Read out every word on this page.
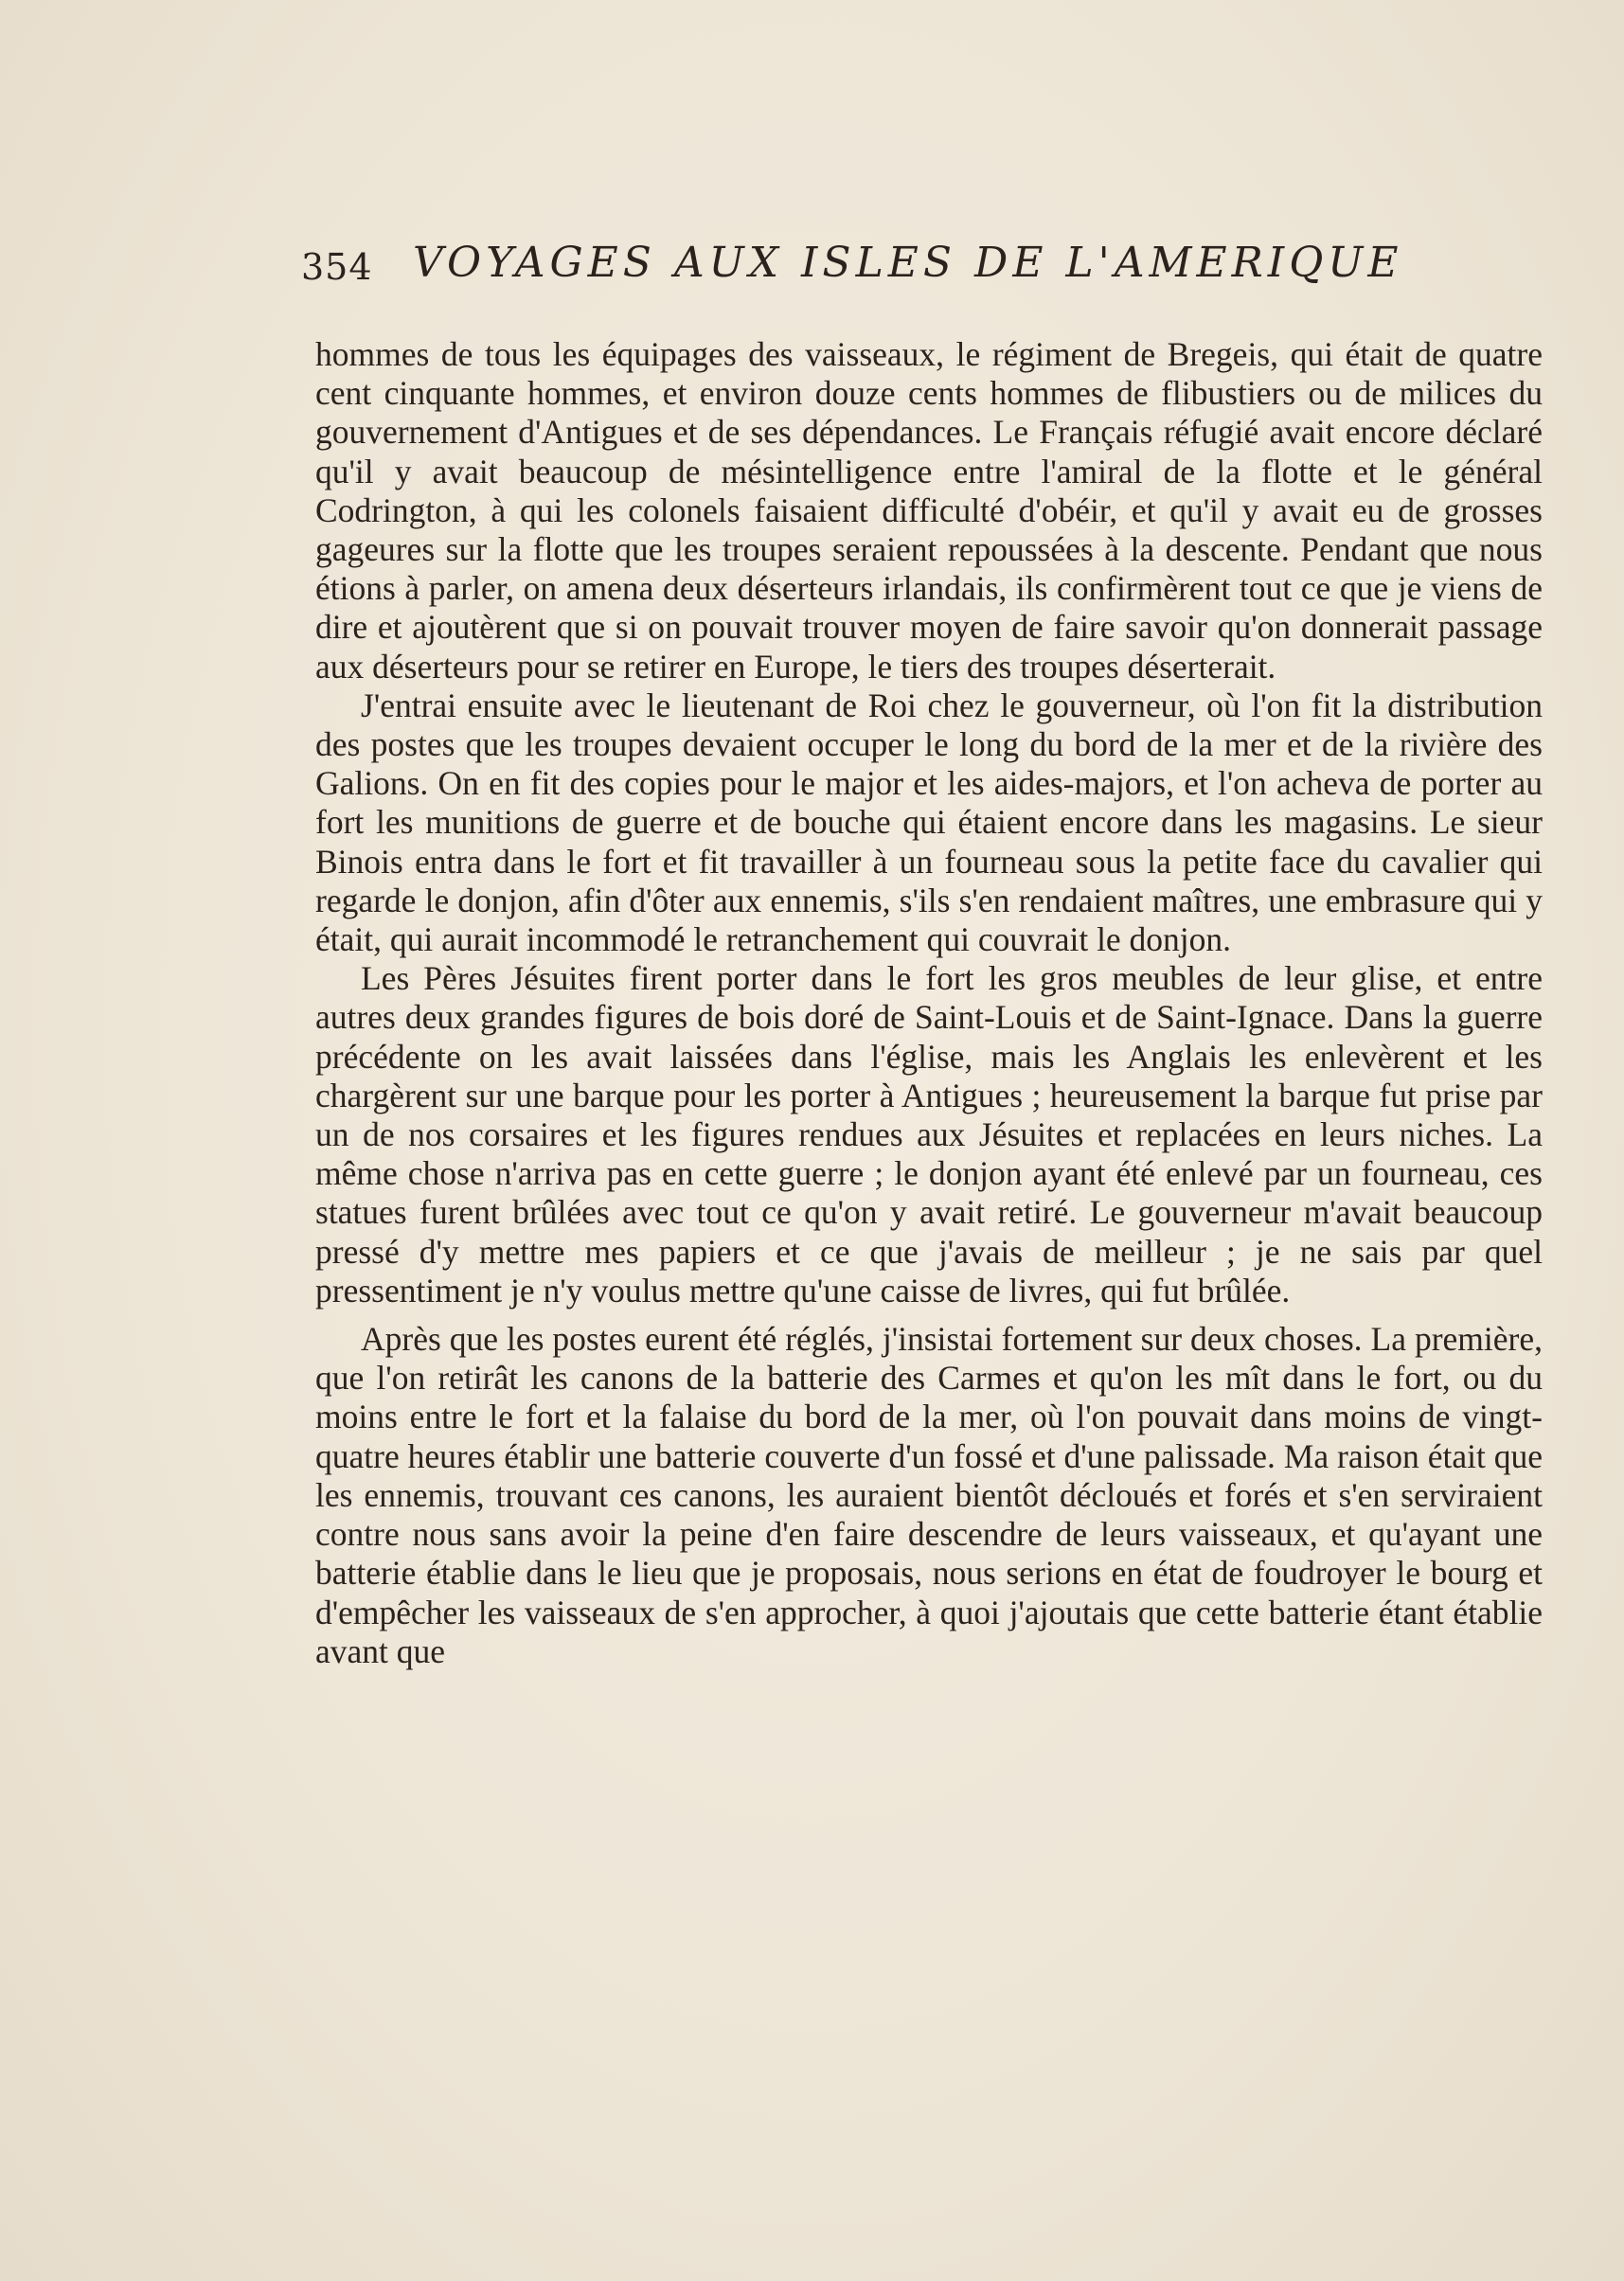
354 VOYAGES AUX ISLES DE L'AMERIQUE

hommes de tous les équipages des vaisseaux, le régiment de Bregeis, qui était de quatre cent cinquante hommes, et environ douze cents hommes de flibustiers ou de milices du gouvernement d'Antigues et de ses dépendances. Le Français réfugié avait encore déclaré qu'il y avait beaucoup de mésintelligence entre l'amiral de la flotte et le général Codrington, à qui les colonels faisaient difficulté d'obéir, et qu'il y avait eu de grosses gageures sur la flotte que les troupes seraient repoussées à la descente. Pendant que nous étions à parler, on amena deux déserteurs irlandais, ils confirmèrent tout ce que je viens de dire et ajoutèrent que si on pouvait trouver moyen de faire savoir qu'on donnerait passage aux déserteurs pour se retirer en Europe, le tiers des troupes déserterait.

J'entrai ensuite avec le lieutenant de Roi chez le gouverneur, où l'on fit la distribution des postes que les troupes devaient occuper le long du bord de la mer et de la rivière des Galions. On en fit des copies pour le major et les aides-majors, et l'on acheva de porter au fort les munitions de guerre et de bouche qui étaient encore dans les magasins. Le sieur Binois entra dans le fort et fit travailler à un fourneau sous la petite face du cavalier qui regarde le donjon, afin d'ôter aux ennemis, s'ils s'en rendaient maîtres, une embrasure qui y était, qui aurait incommodé le retranchement qui couvrait le donjon.

Les Pères Jésuites firent porter dans le fort les gros meubles de leur glise, et entre autres deux grandes figures de bois doré de Saint-Louis et de Saint-Ignace. Dans la guerre précédente on les avait laissées dans l'église, mais les Anglais les enlevèrent et les chargèrent sur une barque pour les porter à Antigues ; heureusement la barque fut prise par un de nos corsaires et les figures rendues aux Jésuites et replacées en leurs niches. La même chose n'arriva pas en cette guerre ; le donjon ayant été enlevé par un fourneau, ces statues furent brûlées avec tout ce qu'on y avait retiré. Le gouverneur m'avait beaucoup pressé d'y mettre mes papiers et ce que j'avais de meilleur ; je ne sais par quel pressentiment je n'y voulus mettre qu'une caisse de livres, qui fut brûlée.

Après que les postes eurent été réglés, j'insistai fortement sur deux choses. La première, que l'on retirât les canons de la batterie des Carmes et qu'on les mît dans le fort, ou du moins entre le fort et la falaise du bord de la mer, où l'on pouvait dans moins de vingt-quatre heures établir une batterie couverte d'un fossé et d'une palissade. Ma raison était que les ennemis, trouvant ces canons, les auraient bientôt décloués et forés et s'en serviraient contre nous sans avoir la peine d'en faire descendre de leurs vaisseaux, et qu'ayant une batterie établie dans le lieu que je proposais, nous serions en état de foudroyer le bourg et d'empêcher les vaisseaux de s'en approcher, à quoi j'ajoutais que cette batterie étant établie avant que
